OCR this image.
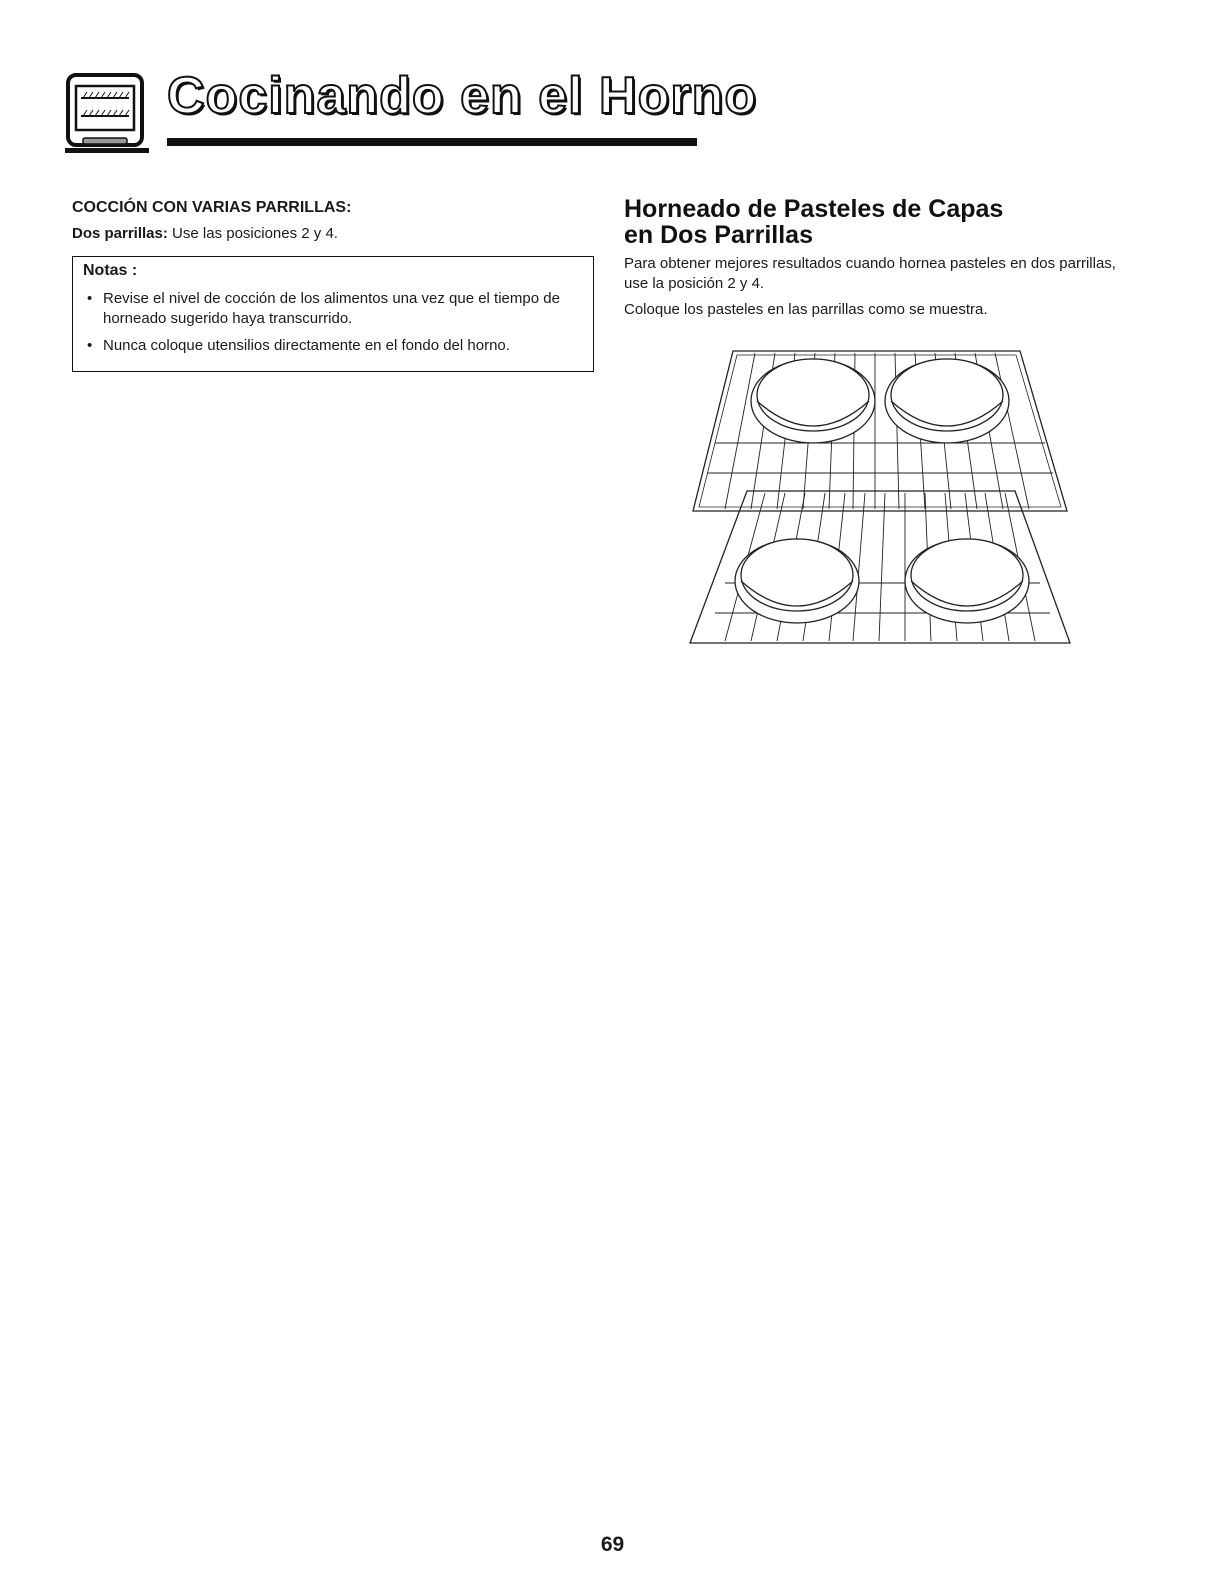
Cocinando en el Horno
COCCIÓN CON VARIAS PARRILLAS:

Dos parrillas: Use las posiciones 2 y 4.

Notas :
• Revise el nivel de cocción de los alimentos una vez que el tiempo de horneado sugerido haya transcurrido.
• Nunca coloque utensilios directamente en el fondo del horno.
Horneado de Pasteles de Capas
en Dos Parrillas

Para obtener mejores resultados cuando hornea pasteles en dos parrillas, use la posición 2 y 4.

Coloque los pasteles en las parrillas como se muestra.

69
